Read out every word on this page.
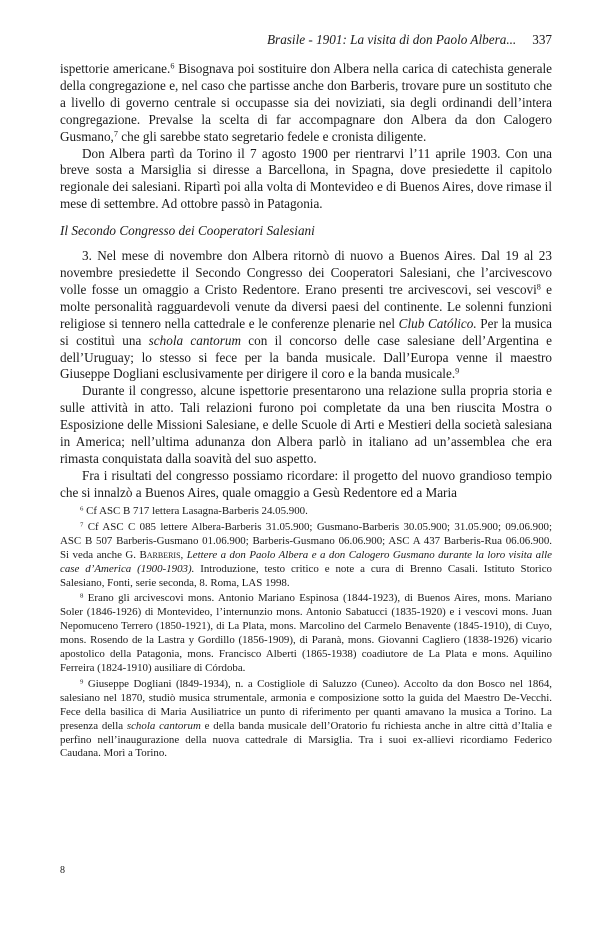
Brasile - 1901: La visita di don Paolo Albera... 337

ispettorie americane.$^6$ Bisognava poi sostituire don Albera nella carica di catechista generale della congregazione e, nel caso che partisse anche don Barberis, trovare pure un sostituto che a livello di governo centrale si occupasse sia dei noviziati, sia degli ordinandi dell’intera congregazione. Prevalse la scelta di far accompagnare don Albera da don Calogero Gusmano,$^7$ che gli sarebbe stato segretario fedele e cronista diligente.

Don Albera partì da Torino il 7 agosto 1900 per rientrarvi l’11 aprile 1903. Con una breve sosta a Marsiglia si diresse a Barcellona, in Spagna, dove presiedette il capitolo regionale dei salesiani. Ripartì poi alla volta di Montevideo e di Buenos Aires, dove rimase il mese di settembre. Ad ottobre passò in Patagonia.

Il Secondo Congresso dei Cooperatori Salesiani

3. Nel mese di novembre don Albera ritornò di nuovo a Buenos Aires. Dal 19 al 23 novembre presiedette il Secondo Congresso dei Cooperatori Salesiani, che l’arcivescovo volle fosse un omaggio a Cristo Redentore. Erano presenti tre arcivescovi, sei vescovi$^8$ e molte personalità ragguardevoli venute da diversi paesi del continente. Le solenni funzioni religiose si tennero nella cattedrale e le conferenze plenarie nel Club Católico. Per la musica si costituì una schola cantorum con il concorso delle case salesiane dell’Argentina e dell’Uruguay; lo stesso si fece per la banda musicale. Dall’Europa venne il maestro Giuseppe Dogliani esclusivamente per dirigere il coro e la banda musicale.$^9$

Durante il congresso, alcune ispettorie presentarono una relazione sulla propria storia e sulle attività in atto. Tali relazioni furono poi completate da una ben riuscita Mostra o Esposizione delle Missioni Salesiane, e delle Scuole di Arti e Mestieri della società salesiana in America; nell’ultima adunanza don Albera parlò in italiano ad un’assemblea che era rimasta conquistata dalla soavità del suo aspetto.

Fra i risultati del congresso possiamo ricordare: il progetto del nuovo grandioso tempio che si innalzò a Buenos Aires, quale omaggio a Gesù Redentore ed a Maria

$^6$ Cf ASC B 717 lettera Lasagna-Barberis 24.05.900.

$^7$ Cf ASC C 085 lettere Albera-Barberis 31.05.900; Gusmano-Barberis 30.05.900; 31.05.900; 09.06.900; ASC B 507 Barberis-Gusmano 01.06.900; Barberis-Gusmano 06.06.900; ASC A 437 Barberis-Rua 06.06.900. Si veda anche G. Barberis, Lettere a don Paolo Albera e a don Calogero Gusmano durante la loro visita alle case d’America (1900-1903). Introduzione, testo critico e note a cura di Brenno Casali. Istituto Storico Salesiano, Fonti, serie seconda, 8. Roma, LAS 1998.

$^8$ Erano gli arcivescovi mons. Antonio Mariano Espinosa (1844-1923), di Buenos Aires, mons. Mariano Soler (1846-1926) di Montevideo, l’internunzio mons. Antonio Sabatucci (1835-1920) e i vescovi mons. Juan Nepomuceno Terrero (1850-1921), di La Plata, mons. Marcolino del Carmelo Benavente (1845-1910), di Cuyo, mons. Rosendo de la Lastra y Gordillo (1856-1909), di Paranà, mons. Giovanni Cagliero (1838-1926) vicario apostolico della Patagonia, mons. Francisco Alberti (1865-1938) coadiutore de La Plata e mons. Aquilino Ferreira (1824-1910) ausiliare di Córdoba.

$^9$ Giuseppe Dogliani (l849-1934), n. a Costigliole di Saluzzo (Cuneo). Accolto da don Bosco nel 1864, salesiano nel 1870, studiò musica strumentale, armonia e composizione sotto la guida del Maestro De-Vecchi. Fece della basilica di Maria Ausiliatrice un punto di riferimento per quanti amavano la musica a Torino. La presenza della schola cantorum e della banda musicale dell’Oratorio fu richiesta anche in altre città d’Italia e perfino nell’inaugurazione della nuova cattedrale di Marsiglia. Tra i suoi ex-allievi ricordiamo Federico Caudana. Morì a Torino.

8
